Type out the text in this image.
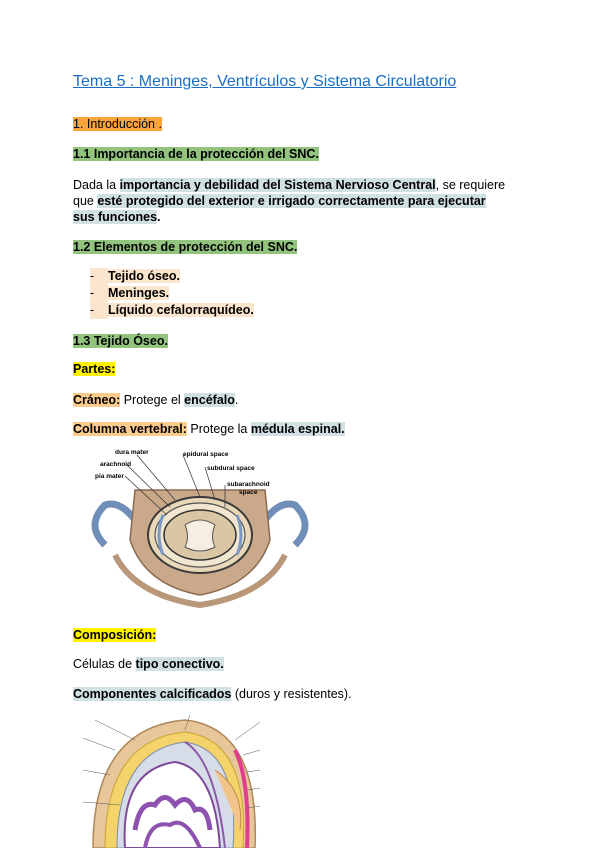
Tema 5 : Meninges, Ventrículos y Sistema Circulatorio
1. Introducción .
1.1 Importancia de la protección del SNC.
Dada la importancia y debilidad del Sistema Nervioso Central, se requiere
que esté protegido del exterior e irrigado correctamente para ejecutar
sus funciones.
1.2 Elementos de protección del SNC.
- Tejido óseo.
- Meninges.
- Líquido cefalorraquídeo.
1.3 Tejido Óseo.
Partes:
Cráneo: Protege el encéfalo.
Columna vertebral: Protege la médula espinal.
dura mater
arachnoid
pia mater
epidural space
subdural space
subarachnoid
space
Composición:
Células de tipo conectivo.
Componentes calcificados (duros y resistentes).
